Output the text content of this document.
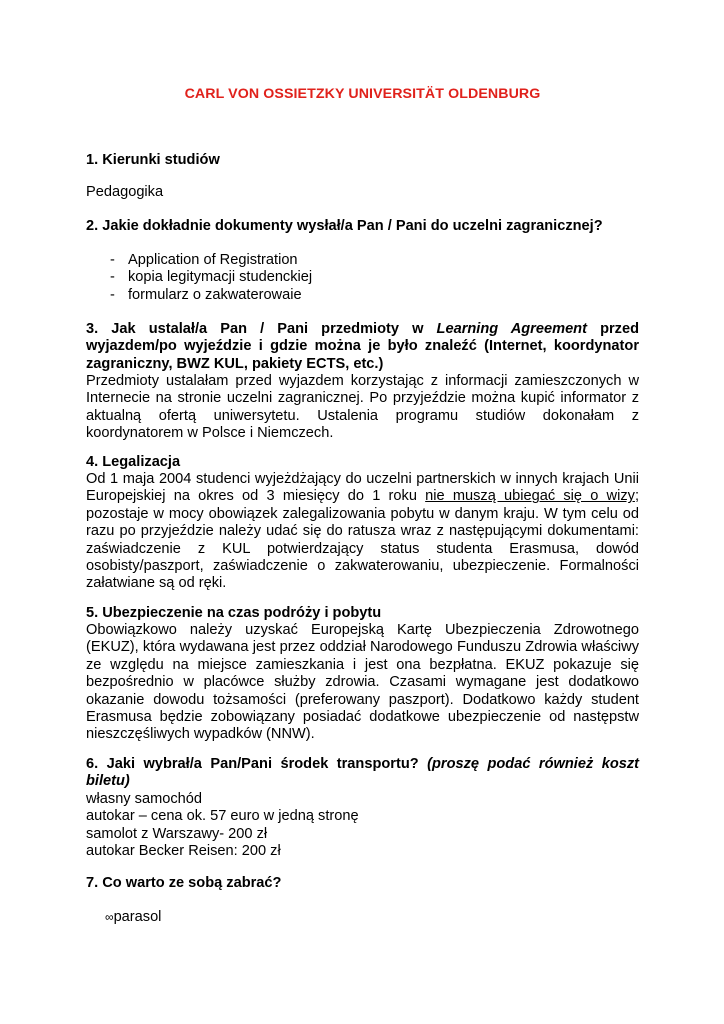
CARL VON OSSIETZKY UNIVERSITÄT OLDENBURG
1. Kierunki studiów
Pedagogika
2. Jakie dokładnie dokumenty wysłał/a Pan / Pani do uczelni zagranicznej?
- Application of Registration
- kopia legitymacji studenckiej
- formularz o zakwaterowaie
3. Jak ustalał/a Pan / Pani przedmioty w Learning Agreement przed wyjazdem/po wyjeździe i gdzie można je było znaleźć (Internet, koordynator zagraniczny, BWZ KUL, pakiety ECTS, etc.)
Przedmioty ustalałam przed wyjazdem korzystając z informacji zamieszczonych w Internecie na stronie uczelni zagranicznej. Po przyjeździe można kupić informator z aktualną ofertą uniwersytetu. Ustalenia programu studiów dokonałam z koordynatorem w Polsce i Niemczech.
4. Legalizacja
Od 1 maja 2004 studenci wyjeżdżający do uczelni partnerskich w innych krajach Unii Europejskiej na okres od 3 miesięcy do 1 roku nie muszą ubiegać się o wizy; pozostaje w mocy obowiązek zalegalizowania pobytu w danym kraju. W tym celu od razu po przyjeździe należy udać się do ratusza wraz z następującymi dokumentami: zaświadczenie z KUL potwierdzający status studenta Erasmusa, dowód osobisty/paszport, zaświadczenie o zakwaterowaniu, ubezpieczenie. Formalności załatwiane są od ręki.
5. Ubezpieczenie na czas podróży i pobytu
Obowiązkowo należy uzyskać Europejską Kartę Ubezpieczenia Zdrowotnego (EKUZ), która wydawana jest przez oddział Narodowego Funduszu Zdrowia właściwy ze względu na miejsce zamieszkania i jest ona bezpłatna. EKUZ pokazuje się bezpośrednio w placówce służby zdrowia. Czasami wymagane jest dodatkowo okazanie dowodu tożsamości (preferowany paszport). Dodatkowo każdy student Erasmusa będzie zobowiązany posiadać dodatkowe ubezpieczenie od następstw nieszczęśliwych wypadków (NNW).
6. Jaki wybrał/a Pan/Pani środek transportu? (proszę podać również koszt biletu)
własny samochód
autokar – cena ok. 57 euro w jedną stronę
samolot z Warszawy- 200 zł
autokar Becker Reisen: 200 zł
7. Co warto ze sobą zabrać?
∞parasol
